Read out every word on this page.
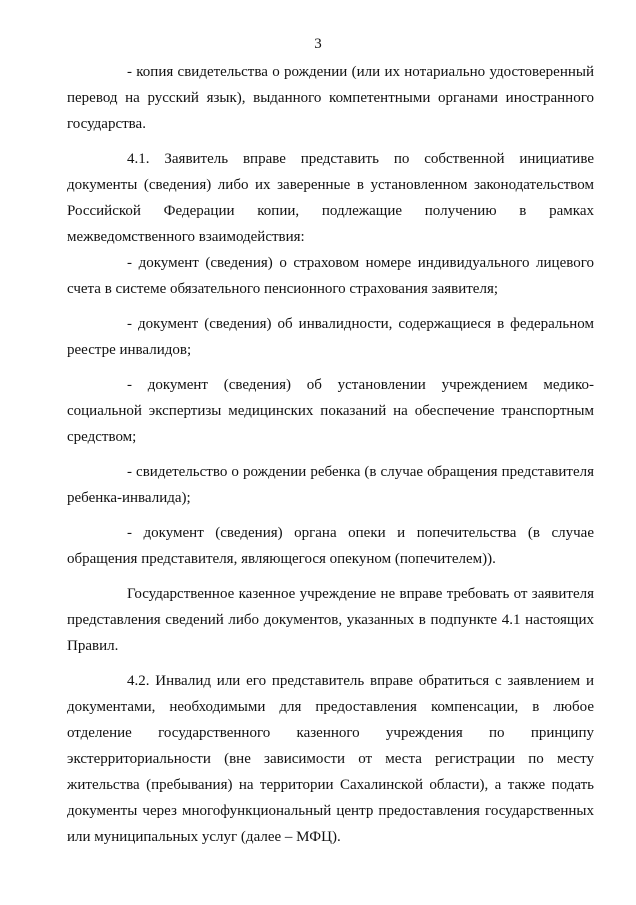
3

- копия свидетельства о рождении (или их нотариально удостоверенный перевод на русский язык), выданного компетентными органами иностранного государства.

4.1. Заявитель вправе представить по собственной инициативе документы (сведения) либо их заверенные в установленном законодательством Российской Федерации копии, подлежащие получению в рамках межведомственного взаимодействия:

- документ (сведения) о страховом номере индивидуального лицевого счета в системе обязательного пенсионного страхования заявителя;

- документ (сведения) об инвалидности, содержащиеся в федеральном реестре инвалидов;

- документ (сведения) об установлении учреждением медико-социальной экспертизы медицинских показаний на обеспечение транспортным средством;

- свидетельство о рождении ребенка (в случае обращения представителя ребенка-инвалида);

- документ (сведения) органа опеки и попечительства (в случае обращения представителя, являющегося опекуном (попечителем)).

Государственное казенное учреждение не вправе требовать от заявителя представления сведений либо документов, указанных в подпункте 4.1 настоящих Правил.

4.2. Инвалид или его представитель вправе обратиться с заявлением и документами, необходимыми для предоставления компенсации, в любое отделение государственного казенного учреждения по принципу экстерриториальности (вне зависимости от места регистрации по месту жительства (пребывания) на территории Сахалинской области), а также подать документы через многофункциональный центр предоставления государственных или муниципальных услуг (далее – МФЦ).
